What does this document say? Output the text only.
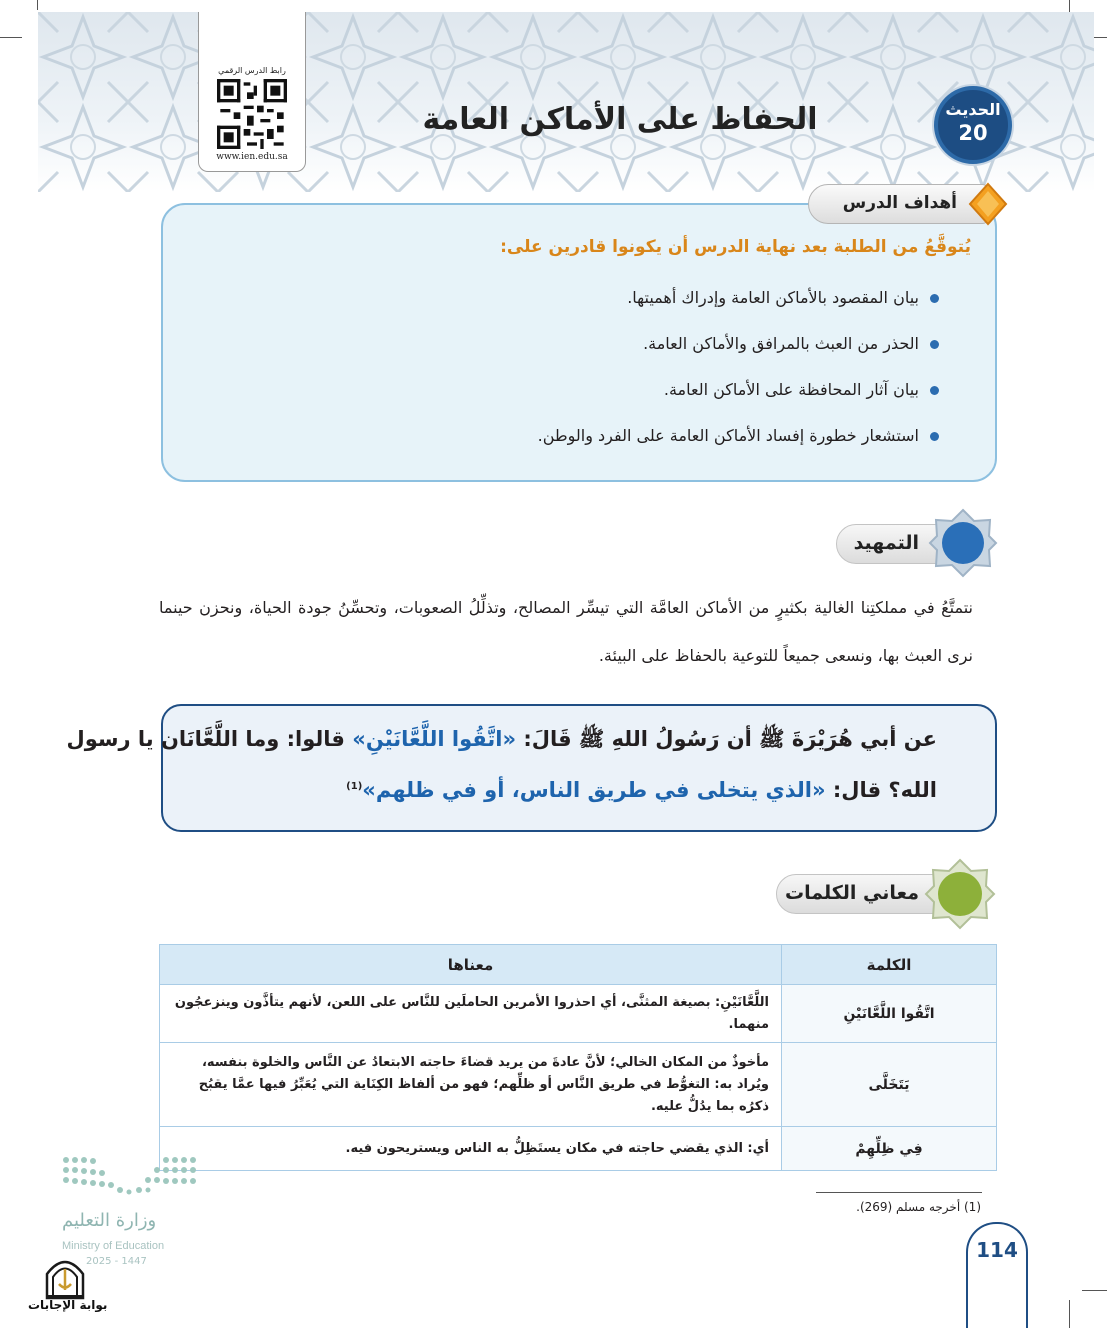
رابط الدرس الرقمي
www.ien.edu.sa
الحفاظ على الأماكن العامة	الحديث
20
أهداف الدرس
يُتوقَّعُ من الطلبة بعد نهاية الدرس أن يكونوا قادرين على:
بيان المقصود بالأماكن العامة وإدراك أهميتها.
الحذر من العبث بالمرافق والأماكن العامة.
بيان آثار المحافظة على الأماكن العامة.
استشعار خطورة إفساد الأماكن العامة على الفرد والوطن.
التمهيد

نتمتَّعُ في مملكتِنا الغالية بكثيرٍ من الأماكن العامَّة التي تيسِّر المصالح، وتذلِّلُ الصعوبات، وتحسِّنُ جودة الحياة، ونحزن حينما نرى العبث بها، ونسعى جميعاً للتوعية بالحفاظ على البيئة.

عن أبي هُرَيْرَةَ ﷺ أن رَسُولُ اللهِ ﷺ قَالَ: «اتَّقُوا اللَّعَّانَيْنِ» قالوا: وما اللَّعَّانَان يا رسول
الله؟ قال: «الذي يتخلى في طريق الناس، أو في ظلهم»$^{(1)}$
معاني الكلمات
الكلمة	معناها
اتَّقُوا اللَّعَّانَيْنِ	اللَّعَّانَيْنِ: بصيغة المثنَّى، أي احذروا الأمرين الحاملَين للنَّاس على اللعن، لأنهم يتأذَّون وينزعجُون منهما.
يَتَخَلَّى	مأخوذٌ من المكان الخالي؛ لأنَّ عادةَ من يريد قضاءَ حاجته الابتعادُ عن النَّاس والخلوة بنفسه، ويُراد به: التغوُّط في طريق النَّاس أو ظلِّهم؛ فهو من ألفاظ الكِنَاية التي يُعَبِّرُ فيها عمَّا يقبُح ذكرُه بما يدُلُّ عليه.
فِي ظِلِّهِمْ	أي: الذي يقضي حاجته في مكان يستَظِلُّ به الناس ويستريحون فيه.
(1) أخرجه مسلم (269).
114
وزارة التعليم
Ministry of Education
2025 - 1447
بوابة الإجابات
